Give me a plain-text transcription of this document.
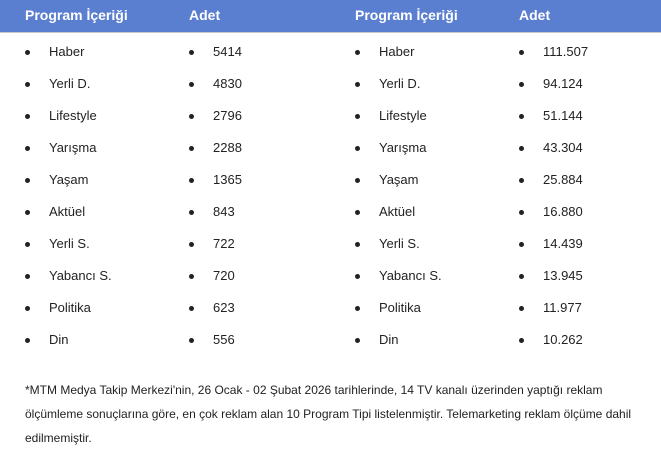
Program İçeriği	Adet	Program İçeriği	Adet
Haber	5414	Haber	111.507
Yerli D.	4830	Yerli D.	94.124
Lifestyle	2796	Lifestyle	51.144
Yarışma	2288	Yarışma	43.304
Yaşam	1365	Yaşam	25.884
Aktüel	843	Aktüel	16.880
Yerli S.	722	Yerli S.	14.439
Yabancı S.	720	Yabancı S.	13.945
Politika	623	Politika	11.977
Din	556	Din	10.262

*MTM Medya Takip Merkezi'nin, 26 Ocak - 02 Şubat 2026 tarihlerinde, 14 TV kanalı üzerinden yaptığı reklam ölçümleme sonuçlarına göre, en çok reklam alan 10 Program Tipi listelenmiştir. Telemarketing reklam ölçüme dahil edilmemiştir.
